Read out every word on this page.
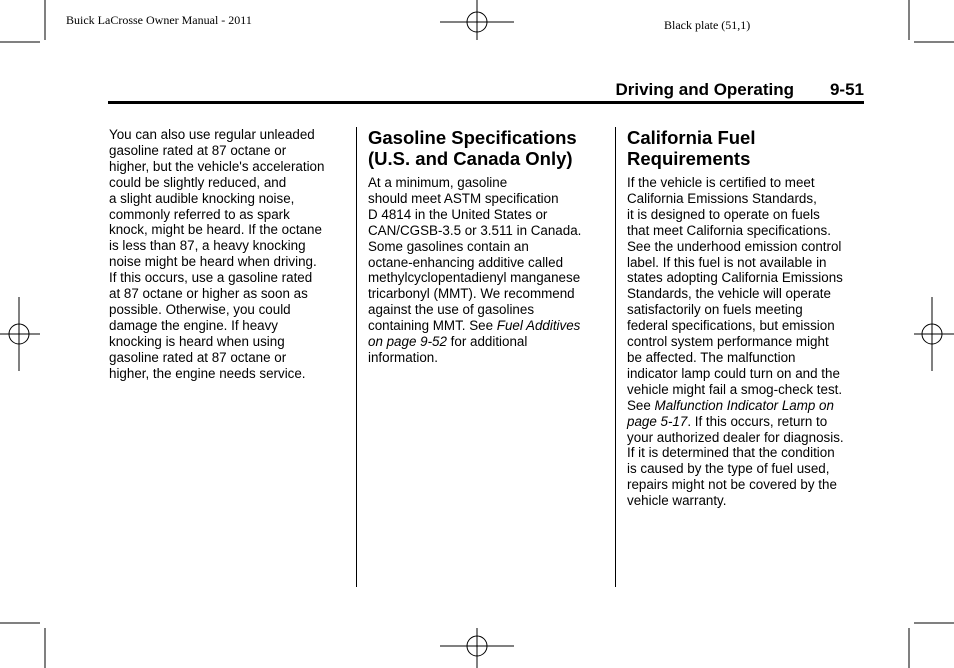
Buick LaCrosse Owner Manual - 2011	Black plate (51,1)
Driving and Operating 9-51

You can also use regular unleaded
gasoline rated at 87 octane or
higher, but the vehicle's acceleration
could be slightly reduced, and
a slight audible knocking noise,
commonly referred to as spark
knock, might be heard. If the octane
is less than 87, a heavy knocking
noise might be heard when driving.
If this occurs, use a gasoline rated
at 87 octane or higher as soon as
possible. Otherwise, you could
damage the engine. If heavy
knocking is heard when using
gasoline rated at 87 octane or
higher, the engine needs service.

Gasoline Specifications
(U.S. and Canada Only)

At a minimum, gasoline
should meet ASTM specification
D 4814 in the United States or
CAN/CGSB-3.5 or 3.511 in Canada.
Some gasolines contain an
octane-enhancing additive called
methylcyclopentadienyl manganese
tricarbonyl (MMT). We recommend
against the use of gasolines
containing MMT. See Fuel Additives
on page 9-52 for additional
information.

California Fuel
Requirements

If the vehicle is certified to meet
California Emissions Standards,
it is designed to operate on fuels
that meet California specifications.
See the underhood emission control
label. If this fuel is not available in
states adopting California Emissions
Standards, the vehicle will operate
satisfactorily on fuels meeting
federal specifications, but emission
control system performance might
be affected. The malfunction
indicator lamp could turn on and the
vehicle might fail a smog-check test.
See Malfunction Indicator Lamp on
page 5-17. If this occurs, return to
your authorized dealer for diagnosis.
If it is determined that the condition
is caused by the type of fuel used,
repairs might not be covered by the
vehicle warranty.
